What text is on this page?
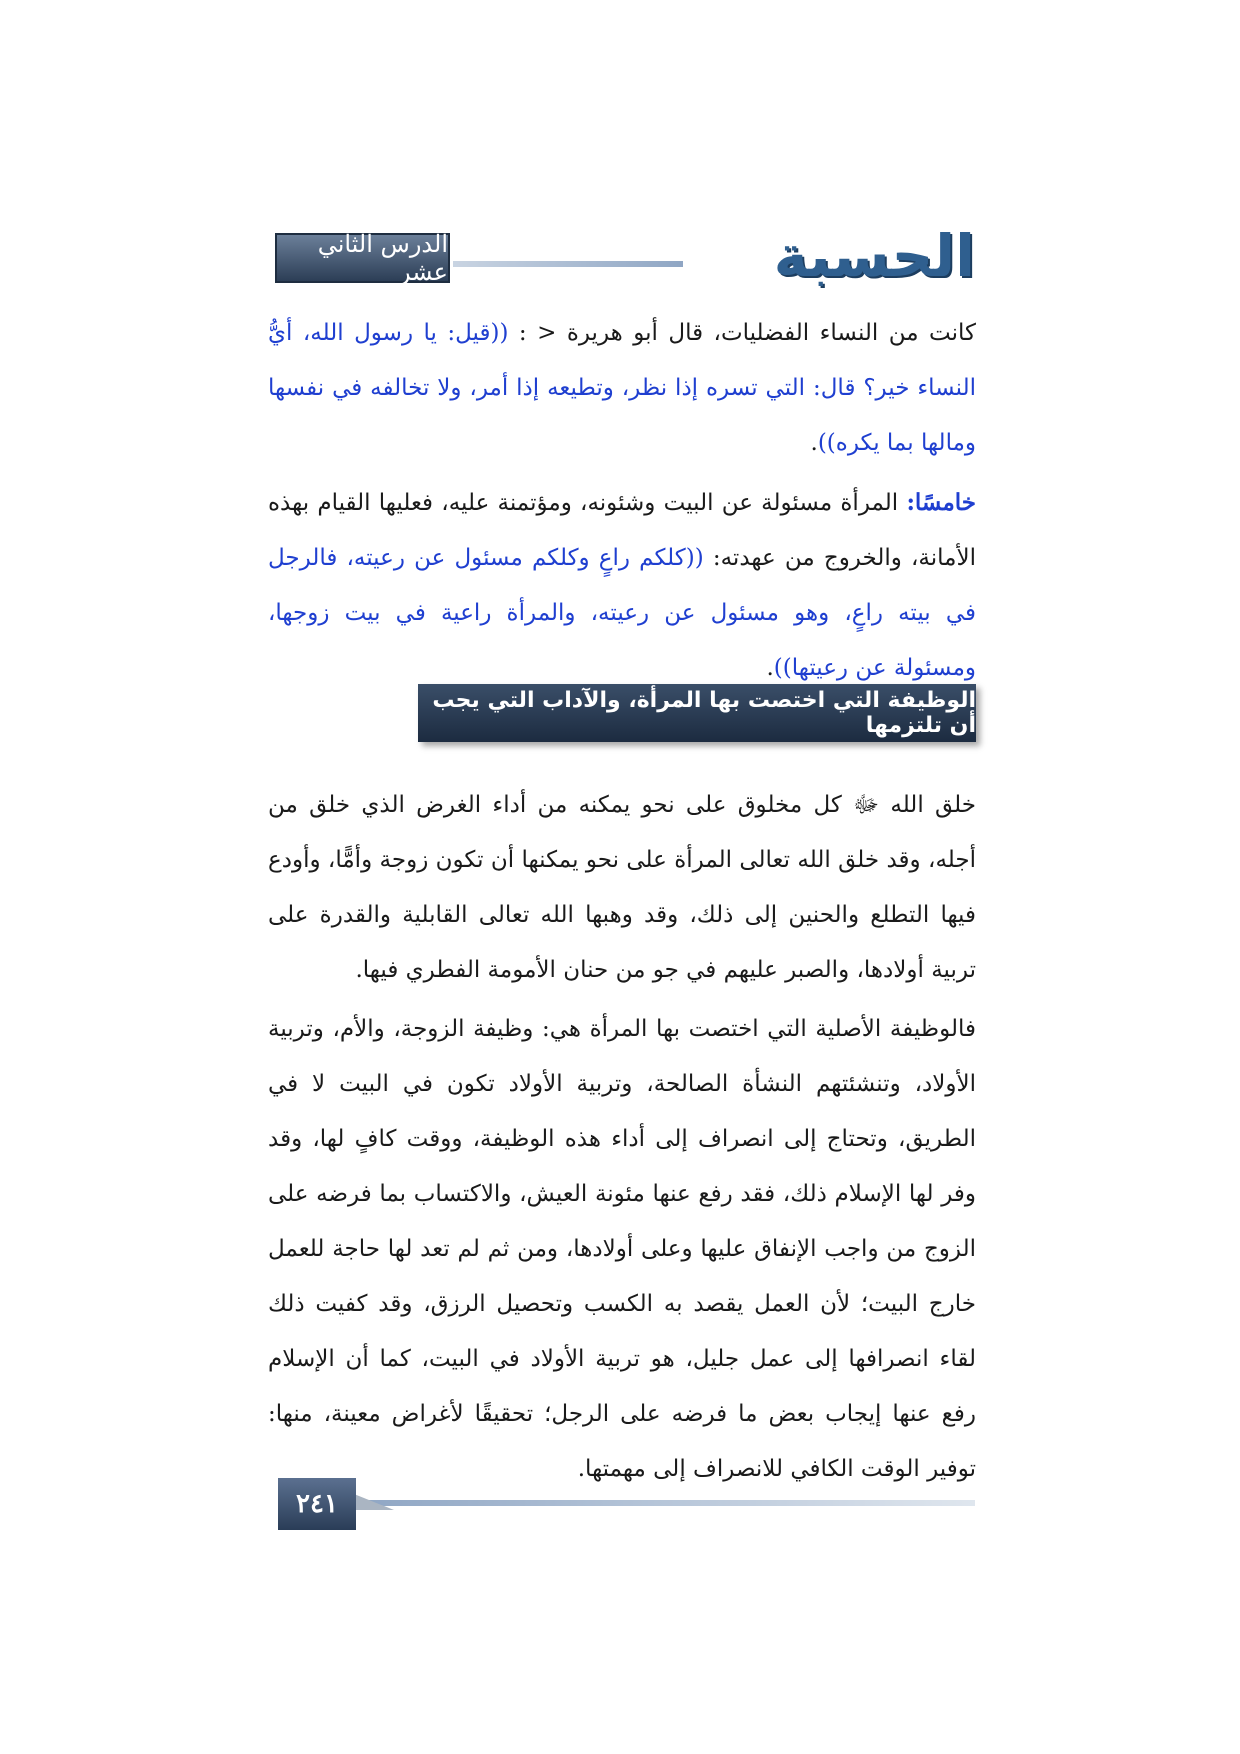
الدرس الثاني عشر	الحسبة
كانت من النساء الفضليات، قال أبو هريرة < : ((قيل: يا رسول الله، أيُّ النساء خير؟ قال: التي تسره إذا نظر، وتطيعه إذا أمر، ولا تخالفه في نفسها ومالها بما يكره)).
خامسًا: المرأة مسئولة عن البيت وشئونه، ومؤتمنة عليه، فعليها القيام بهذه الأمانة، والخروج من عهدته: ((كلكم راعٍ وكلكم مسئول عن رعيته، فالرجل في بيته راعٍ، وهو مسئول عن رعيته، والمرأة راعية في بيت زوجها، ومسئولة عن رعيتها)).
الوظيفة التي اختصت بها المرأة، والآداب التي يجب أن تلتزمها
خلق الله ﷻ كل مخلوق على نحو يمكنه من أداء الغرض الذي خلق من أجله، وقد خلق الله تعالى المرأة على نحو يمكنها أن تكون زوجة وأمًّا، وأودع فيها التطلع والحنين إلى ذلك، وقد وهبها الله تعالى القابلية والقدرة على تربية أولادها، والصبر عليهم في جو من حنان الأمومة الفطري فيها.
فالوظيفة الأصلية التي اختصت بها المرأة هي: وظيفة الزوجة، والأم، وتربية الأولاد، وتنشئتهم النشأة الصالحة، وتربية الأولاد تكون في البيت لا في الطريق، وتحتاج إلى انصراف إلى أداء هذه الوظيفة، ووقت كافٍ لها، وقد وفر لها الإسلام ذلك، فقد رفع عنها مئونة العيش، والاكتساب بما فرضه على الزوج من واجب الإنفاق عليها وعلى أولادها، ومن ثم لم تعد لها حاجة للعمل خارج البيت؛ لأن العمل يقصد به الكسب وتحصيل الرزق، وقد كفيت ذلك لقاء انصرافها إلى عمل جليل، هو تربية الأولاد في البيت، كما أن الإسلام رفع عنها إيجاب بعض ما فرضه على الرجل؛ تحقيقًا لأغراض معينة، منها: توفير الوقت الكافي للانصراف إلى مهمتها.
٢٤١
